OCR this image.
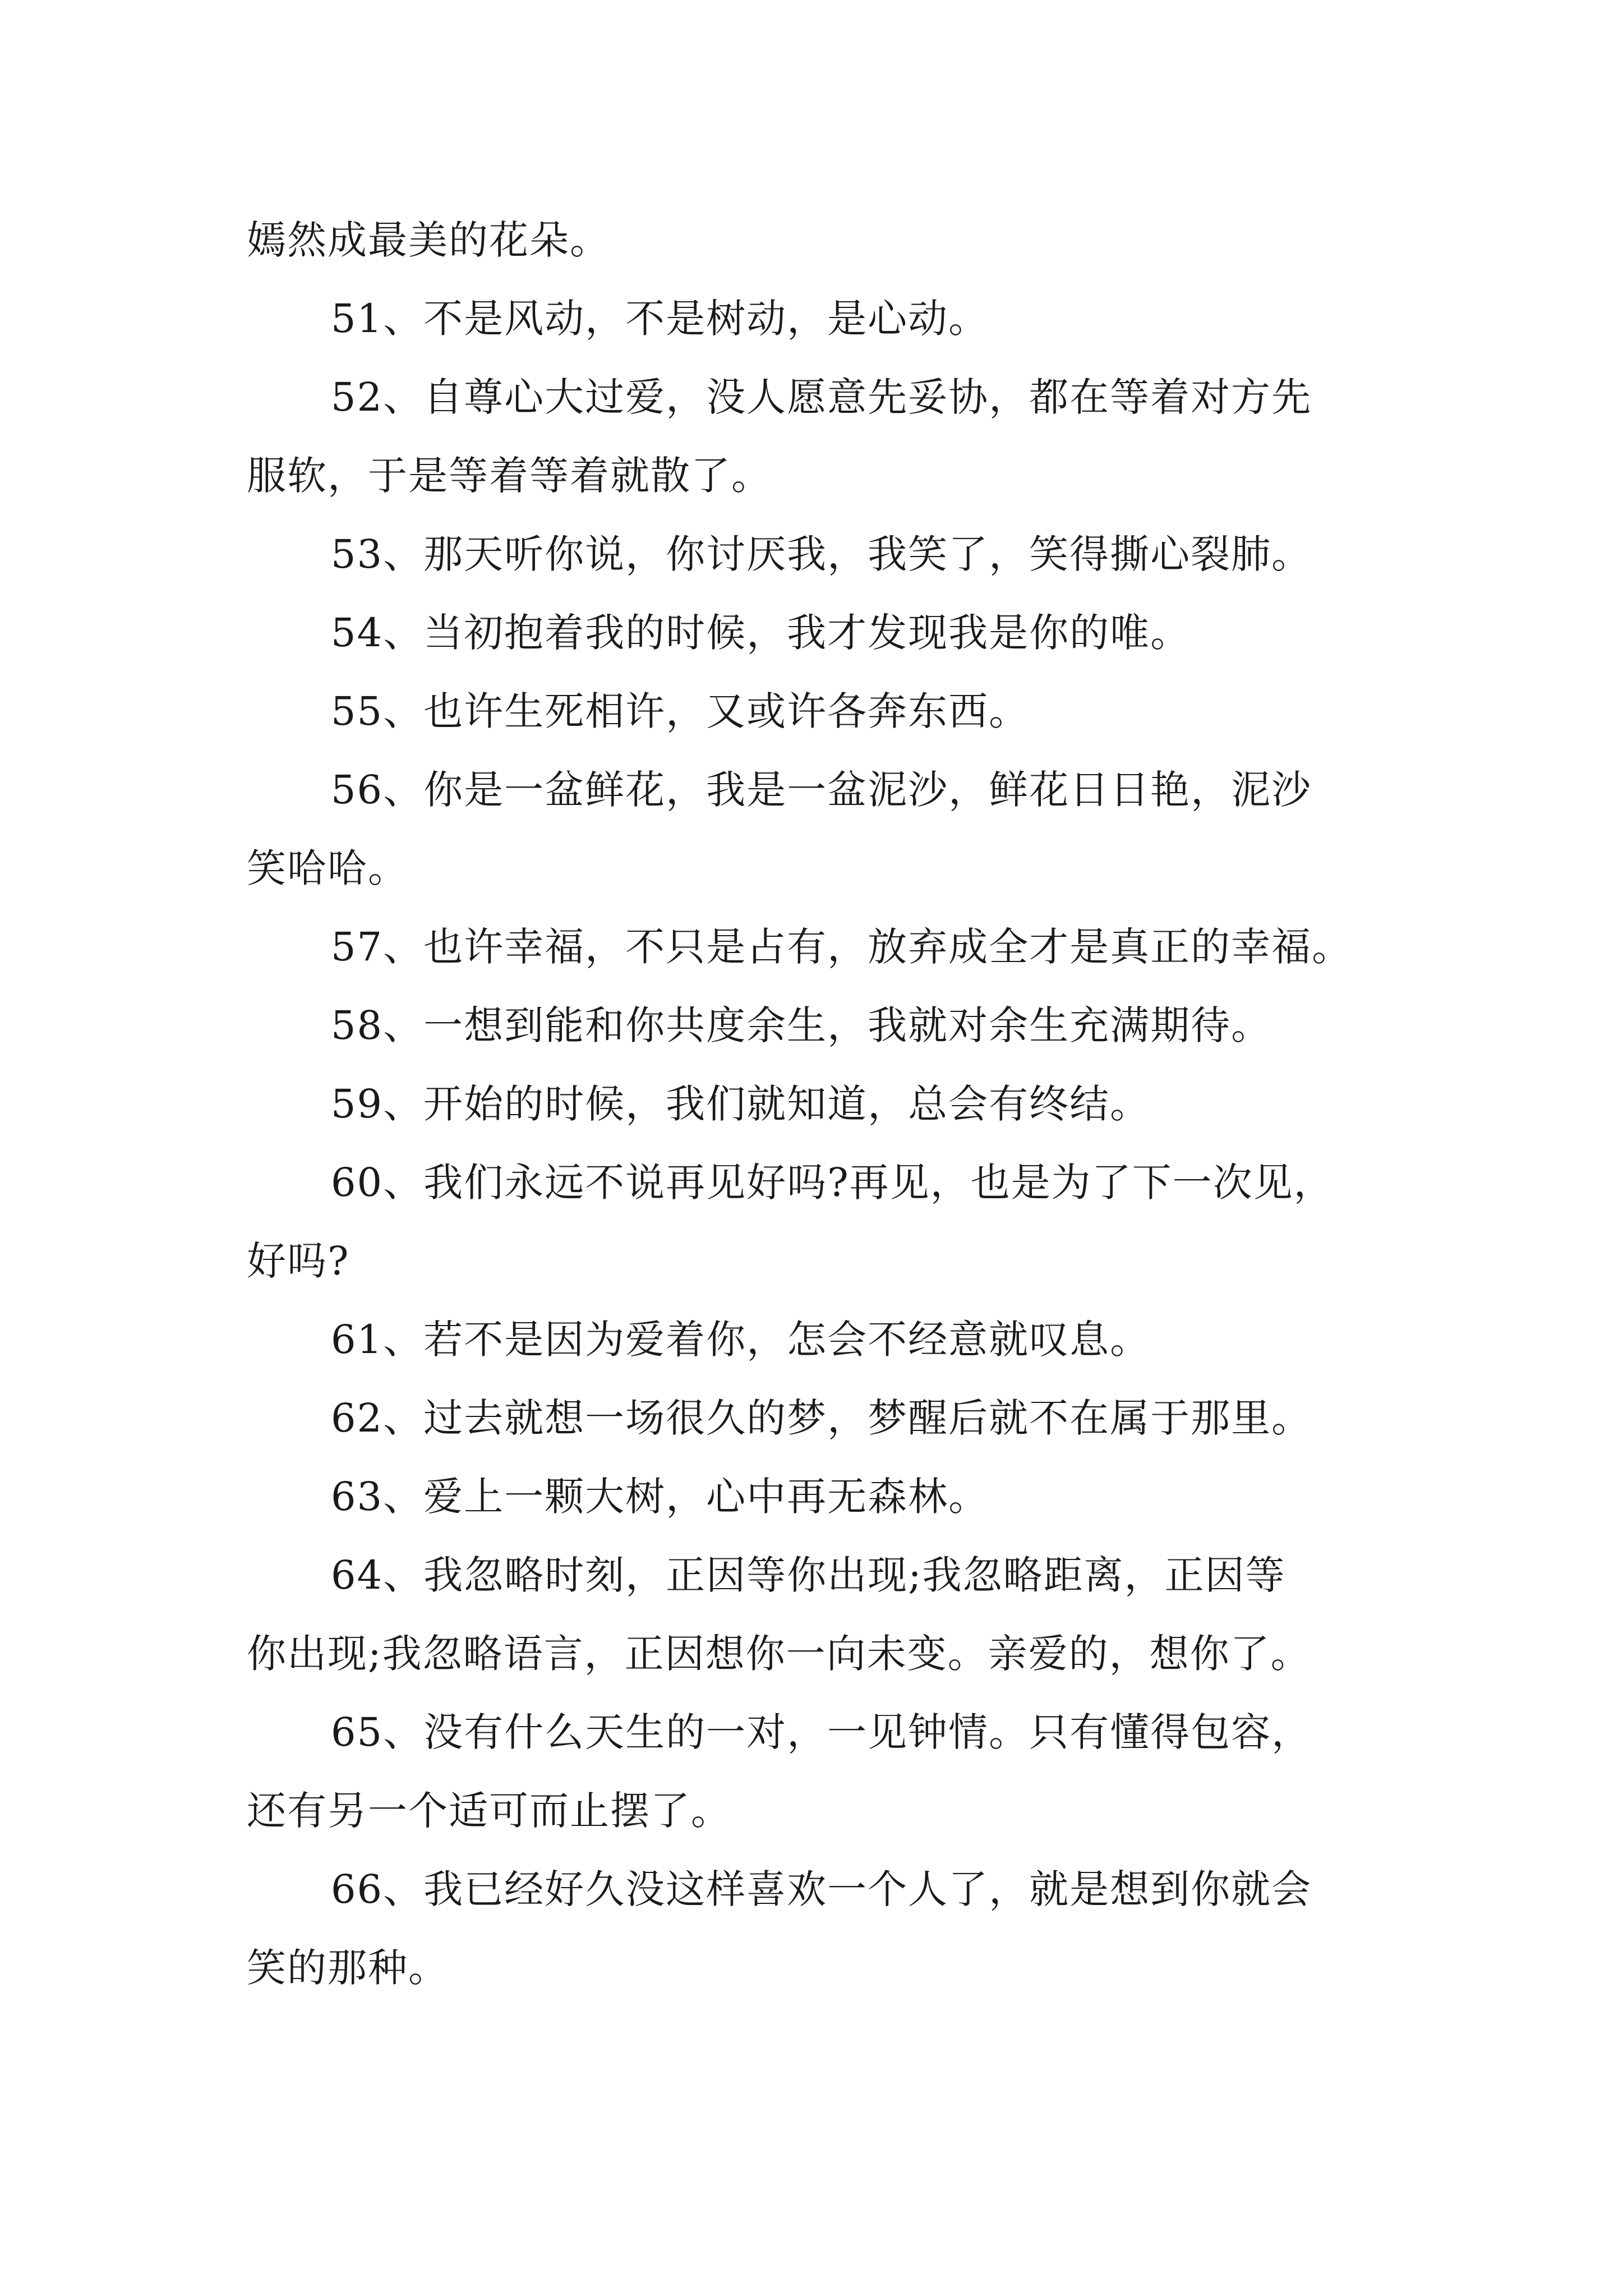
嫣然成最美的花朵。
51、不是风动，不是树动，是心动。
52、自尊心大过爱，没人愿意先妥协，都在等着对方先
服软，于是等着等着就散了。
53、那天听你说，你讨厌我，我笑了，笑得撕心裂肺。
54、当初抱着我的时候，我才发现我是你的唯。
55、也许生死相许，又或许各奔东西。
56、你是一盆鲜花，我是一盆泥沙，鲜花日日艳，泥沙
笑哈哈。
57、也许幸福，不只是占有，放弃成全才是真正的幸福。
58、一想到能和你共度余生，我就对余生充满期待。
59、开始的时候，我们就知道，总会有终结。
60、我们永远不说再见好吗?再见，也是为了下一次见，
好吗?
61、若不是因为爱着你，怎会不经意就叹息。
62、过去就想一场很久的梦，梦醒后就不在属于那里。
63、爱上一颗大树，心中再无森林。
64、我忽略时刻，正因等你出现;我忽略距离，正因等
你出现;我忽略语言，正因想你一向未变。亲爱的，想你了。
65、没有什么天生的一对，一见钟情。只有懂得包容，
还有另一个适可而止摆了。
66、我已经好久没这样喜欢一个人了，就是想到你就会
笑的那种。
